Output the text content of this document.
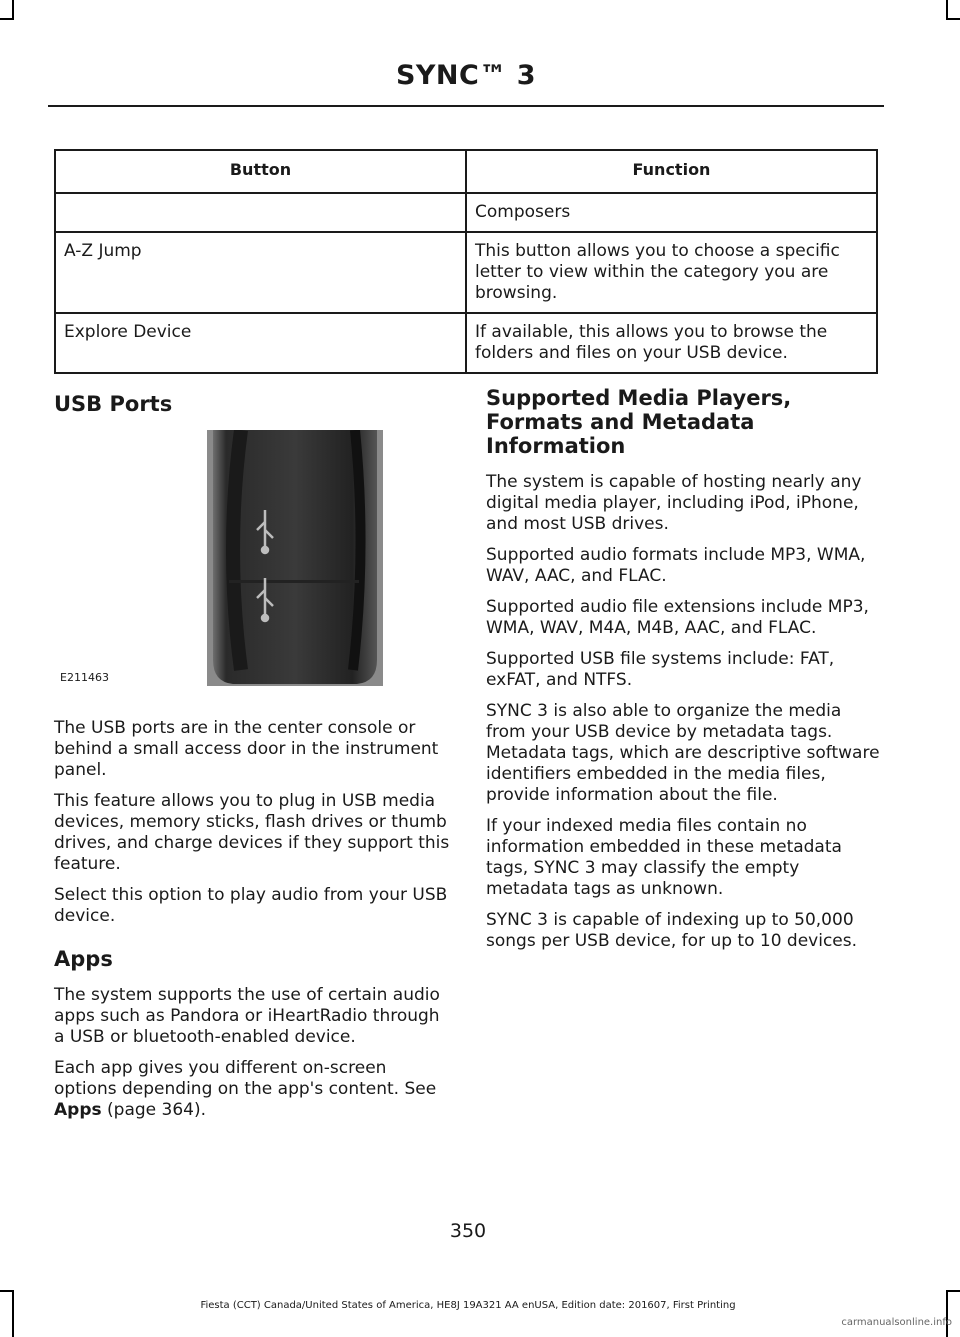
SYNC™ 3
Button	Function
	Composers
A-Z Jump	This button allows you to choose a specific letter to view within the category you are browsing.
Explore Device	If available, this allows you to browse the folders and files on your USB device.
USB Ports
E211463

The USB ports are in the center console or behind a small access door in the instrument panel.

This feature allows you to plug in USB media devices, memory sticks, flash drives or thumb drives, and charge devices if they support this feature.

Select this option to play audio from your USB device.

Apps

The system supports the use of certain audio apps such as Pandora or iHeartRadio through a USB or bluetooth-enabled device.

Each app gives you different on-screen options depending on the app's content. See Apps (page 364).

Supported Media Players, Formats and Metadata Information

The system is capable of hosting nearly any digital media player, including iPod, iPhone, and most USB drives.

Supported audio formats include MP3, WMA, WAV, AAC, and FLAC.

Supported audio file extensions include MP3, WMA, WAV, M4A, M4B, AAC, and FLAC.

Supported USB file systems include: FAT, exFAT, and NTFS.

SYNC 3 is also able to organize the media from your USB device by metadata tags. Metadata tags, which are descriptive software identifiers embedded in the media files, provide information about the file.

If your indexed media files contain no information embedded in these metadata tags, SYNC 3 may classify the empty metadata tags as unknown.

SYNC 3 is capable of indexing up to 50,000 songs per USB device, for up to 10 devices.

350
Fiesta (CCT) Canada/United States of America, HE8J 19A321 AA enUSA, Edition date: 201607, First Printing
carmanualsonline.info
